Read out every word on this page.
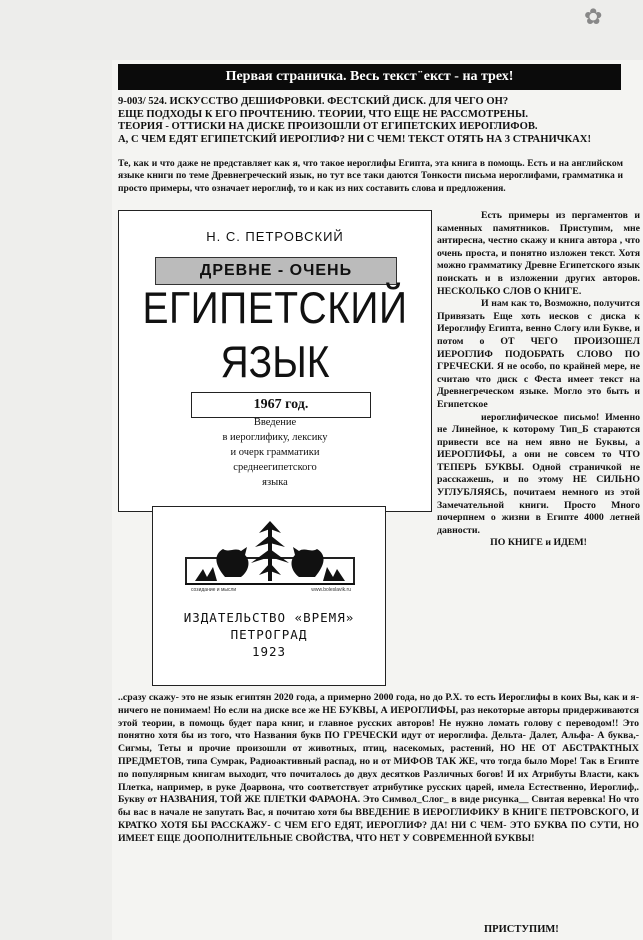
✿
Первая страничка. Весь текст ̈ екст - на трех!

9-003/ 524. ИСКУССТВО ДЕШИФРОВКИ. ФЕСТСКИЙ ДИСК. ДЛЯ ЧЕГО ОН?

ЕЩЕ ПОДХОДЫ К ЕГО ПРОЧТЕНИЮ. ТЕОРИИ, ЧТО ЕЩЕ НЕ РАССМОТРЕНЫ.

ТЕОРИЯ - ОТТИСКИ НА ДИСКЕ ПРОИЗОШЛИ ОТ ЕГИПЕТСКИХ ИЕРОГЛИФОВ.

А, С ЧЕМ ЕДЯТ ЕГИПЕТСКИЙ ИЕРОГЛИФ? НИ С ЧЕМ! ТЕКСТ ОТЯТЬ НА 3 СТРАНИЧКАХ!

Те, как и что даже не представляет как я, что такое иероглифы Египта, эта книга в помощь. Есть и на английском языке книги по теме Древнегреческий язык, но тут все таки даются Тонкости письма иероглифами, грамматика и просто примеры, что означает иероглиф, то и как из них составить слова и предложения.
Н. С. ПЕТРОВСКИЙ
ДРЕВНЕ - ОЧЕНЬ
ЕГИПЕТСКИЙ
ЯЗЫК
1967 год.
Введение
в иероглифику, лексику
и очерк грамматики
среднеегипетского
языка
созидание и мысли	www.boleslavik.ru
ИЗДАТЕЛЬСТВО «ВРЕМЯ»
ПЕТРОГРАД
1923

Есть примеры из пергаментов и каменных памятников. Приступим, мне антиресна, честно скажу и книга автора , что очень проста, и понятно изложен текст. Хотя можно грамматику Древне Египетского язык поискать и в изложении других авторов. НЕСКОЛЬКО СЛОВ О КНИГЕ.

И нам как то, Возможно, получится Привязать Еще хоть иесков с диска к Иероглифу Египта, венно Слогу или Букве, и потом о ОТ ЧЕГО ПРОИЗОШЕЛ ИЕРОГЛИФ ПОДОБРАТЬ СЛОВО ПО ГРЕЧЕСКИ. Я не особо, по крайней мере, не считаю что диск с Феста имеет текст на Древнегреческом языке. Могло это быть и Египетское

иероглифическое письмо! Именно не Линейное, к которому Тип_Б стараются привести все на нем явно не Буквы, а ИЕРОГЛИФЫ, а они не совсем то ЧТО ТЕПЕРЬ БУКВЫ. Одной страничкой не расскажешь, и по этому НЕ СИЛЬНО УГЛУБЛЯЯСЬ, почитаем немного из этой Замечательной книги. Просто Много почерпнем о жизни в Египте 4000 летней давности.

ПО КНИГЕ и ИДЕМ!

..сразу скажу- это не язык египтян 2020 года, а примерно 2000 года, но до Р.Х. то есть Иероглифы в коих Вы, как и я- ничего не понимаем! Но если на диске все же НЕ БУКВЫ, А ИЕРОГЛИФЫ, раз некоторые авторы придерживаются этой теории, в помощь будет пара книг, и главное русских авторов! Не нужно ломать голову с переводом!! Это понятно хотя бы из того, что Названия букв ПО ГРЕЧЕСКИ идут от иероглифа. Дельта- Далет, Альфа- А буква,- Сигмы, Теты и прочие произошли от животных, птиц, насекомых, растений, НО НЕ ОТ АБСТРАКТНЫХ ПРЕДМЕТОВ, типа Сумрак, Радиоактивный распад, но и от МИФОВ ТАК ЖЕ, что тогда было Море! Так в Египте по популярным книгам выходит, что почиталось до двух десятков Различных богов! И их Атрибуты Власти, какъ Плетка, например, в руке Доарвона, что соответствует атрибутике русских царей, имела Естественно, Иероглиф,. Букву от НАЗВАНИЯ, ТОЙ ЖЕ ПЛЕТКИ ФАРАОНА. Это Символ_Слог_ в виде рисунка__ Свитая веревка! Но что бы вас в начале не запутать Вас, я почитаю хотя бы ВВЕДЕНИЕ В ИЕРОГЛИФИКУ В КНИГЕ ПЕТРОВСКОГО, И КРАТКО ХОТЯ БЫ РАССКАЖУ- С ЧЕМ ЕГО ЕДЯТ, ИЕРОГЛИФ? ДА! НИ С ЧЕМ- ЭТО БУКВА ПО СУТИ, НО ИМЕЕТ ЕЩЕ ДООПОЛНИТЕЛЬНЫЕ СВОЙСТВА, ЧТО НЕТ У СОВРЕМЕННОЙ БУКВЫ!
ПРИСТУПИМ!
